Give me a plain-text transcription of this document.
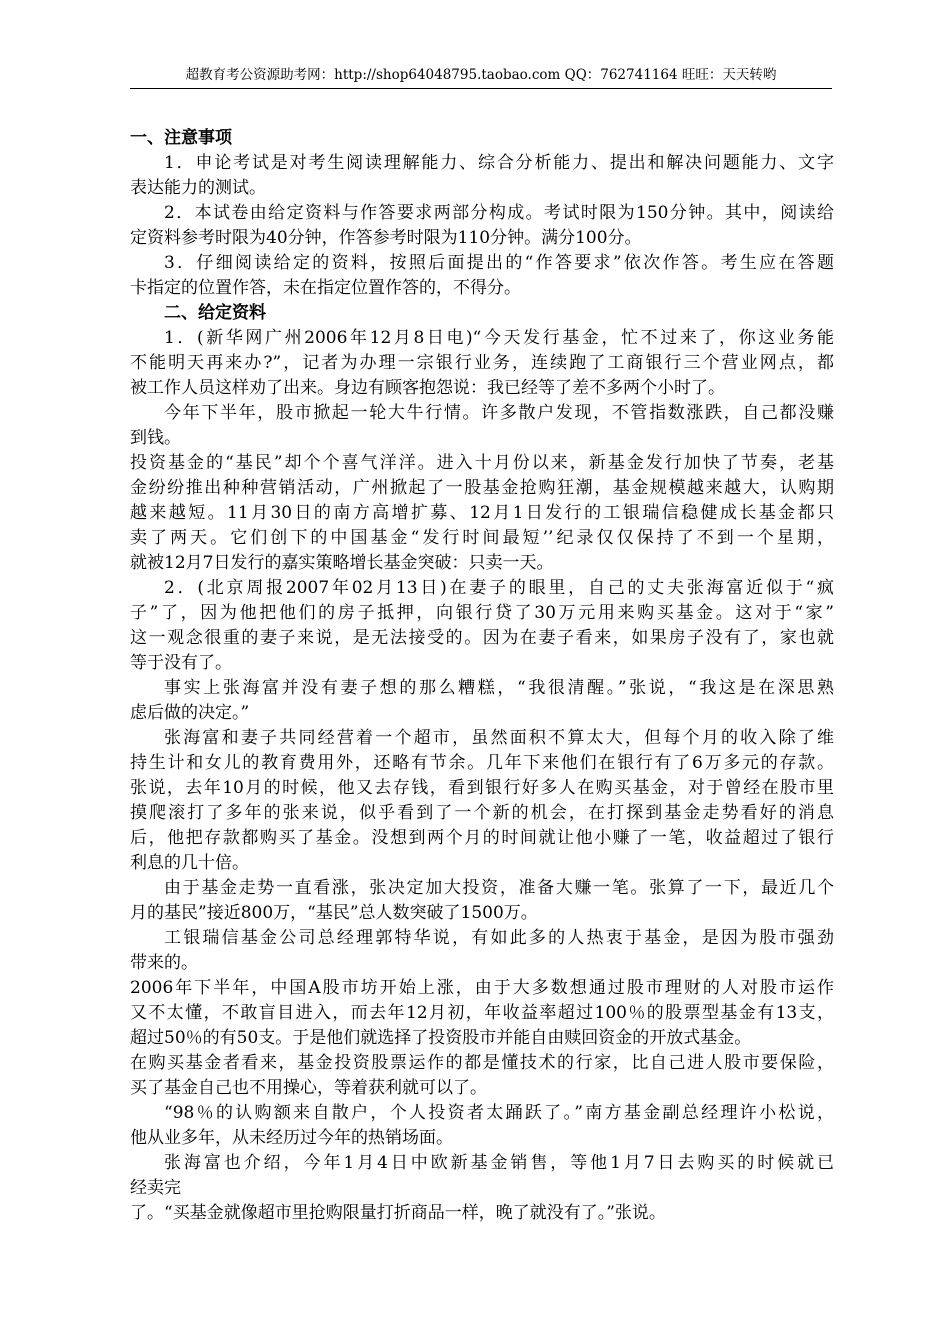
超教育考公资源助考网：http://shop64048795.taobao.com QQ：762741164 旺旺：天天转哟
一、注意事项
1．申论考试是对考生阅读理解能力、综合分析能力、提出和解决问题能力、文字
表达能力的测试。
2．本试卷由给定资料与作答要求两部分构成。考试时限为150分钟。其中，阅读给
定资料参考时限为40分钟，作答参考时限为110分钟。满分100分。
3．仔细阅读给定的资料，按照后面提出的“作答要求”依次作答。考生应在答题
卡指定的位置作答，未在指定位置作答的，不得分。
二、给定资料
1．(新华网广州2006年12月8日电)“今天发行基金，忙不过来了，你这业务能
不能明天再来办?”，记者为办理一宗银行业务，连续跑了工商银行三个营业网点，都
被工作人员这样劝了出来。身边有顾客抱怨说：我已经等了差不多两个小时了。
今年下半年，股市掀起一轮大牛行情。许多散户发现，不管指数涨跌，自己都没赚
到钱。
投资基金的“基民”却个个喜气洋洋。进入十月份以来，新基金发行加快了节奏，老基
金纷纷推出种种营销活动，广州掀起了一股基金抢购狂潮，基金规模越来越大，认购期
越来越短。11月30日的南方高增扩募、12月1日发行的工银瑞信稳健成长基金都只
卖了两天。它们创下的中国基金“发行时间最短’’纪录仅仅保持了不到一个星期，
就被12月7日发行的嘉实策略增长基金突破：只卖一天。
2．(北京周报2007年02月13日)在妻子的眼里，自己的丈夫张海富近似于“疯
子”了，因为他把他们的房子抵押，向银行贷了30万元用来购买基金。这对于“家”
这一观念很重的妻子来说，是无法接受的。因为在妻子看来，如果房子没有了，家也就
等于没有了。
事实上张海富并没有妻子想的那么糟糕，“我很清醒。”张说，“我这是在深思熟
虑后做的决定。”
张海富和妻子共同经营着一个超市，虽然面积不算太大，但每个月的收入除了维
持生计和女儿的教育费用外，还略有节余。几年下来他们在银行有了6万多元的存款。
张说，去年10月的时候，他又去存钱，看到银行好多人在购买基金，对于曾经在股市里
摸爬滚打了多年的张来说，似乎看到了一个新的机会，在打探到基金走势看好的消息
后，他把存款都购买了基金。没想到两个月的时间就让他小赚了一笔，收益超过了银行
利息的几十倍。
由于基金走势一直看涨，张决定加大投资，准备大赚一笔。张算了一下，最近几个
月的基民”接近800万，“基民”总人数突破了1500万。
工银瑞信基金公司总经理郭特华说，有如此多的人热衷于基金，是因为股市强劲
带来的。
2006年下半年，中国A股市坊开始上涨，由于大多数想通过股市理财的人对股市运作
又不太懂，不敢盲目进入，而去年12月初，年收益率超过100％的股票型基金有13支，
超过50％的有50支。于是他们就选择了投资股市并能自由赎回资金的开放式基金。
在购买基金者看来，基金投资股票运作的都是懂技术的行家，比自己进人股市要保险，
买了基金自己也不用操心，等着获利就可以了。
“98％的认购额来自散户，个人投资者太踊跃了。”南方基金副总经理许小松说，
他从业多年，从未经历过今年的热销场面。
张海富也介绍，今年1月4日中欧新基金销售，等他1月7日去购买的时候就已
经卖完
了。“买基金就像超市里抢购限量打折商品一样，晚了就没有了。”张说。
